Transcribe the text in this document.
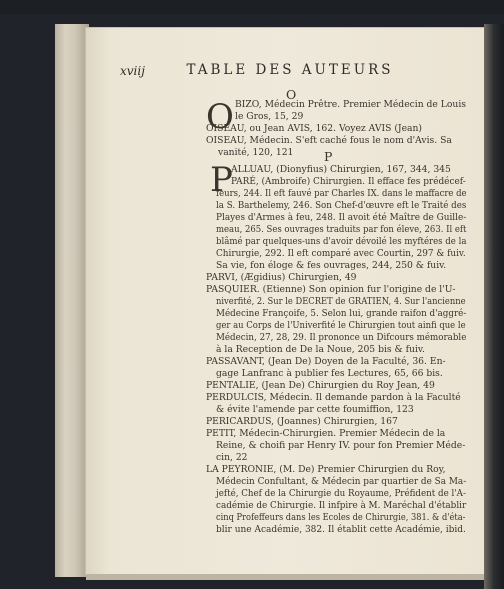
xviij	TABLE DES AUTEURS
O
O BIZO, Médecin Prêtre. Premier Médecin de Louis
le Gros, 15, 29
OISEAU, ou Jean AVIS, 162. Voyez AVIS (Jean)
OISEAU, Médecin. S'eft caché fous le nom d'Avis. Sa
vanité, 120, 121 P
P
ALLUAU, (Dionyfius) Chirurgien, 167, 344, 345
PARÉ, (Ambroife) Chirurgien. Il efface fes prédécef-
feurs, 244. Il eft fauvé par Charles IX. dans le maffacre de
la S. Barthelemy, 246. Son Chef-d'œuvre eft le Traité des
Playes d'Armes à feu, 248. Il avoit été Maître de Guille-
meau, 265. Ses ouvrages traduits par fon éleve, 263. Il eft
blâmé par quelques-uns d'avoir dévoilé les myftéres de la
Chirurgie, 292. Il eft comparé avec Courtin, 297 & fuiv.
Sa vie, fon éloge & fes ouvrages, 244, 250 & fuiv.
PARVI, (Ægidius) Chirurgien, 49
PASQUIER. (Etienne) Son opinion fur l'origine de l'U-
niverfité, 2. Sur le DECRET de GRATIEN, 4. Sur l'ancienne
Médecine Françoife, 5. Selon lui, grande raifon d'aggré-
ger au Corps de l'Univerfité le Chirurgien tout ainfi que le
Médecin, 27, 28, 29. Il prononce un Difcours mémorable
à la Reception de De la Noue, 205 bis & fuiv.
PASSAVANT, (Jean De) Doyen de la Faculté, 36. En-
gage Lanfranc à publier fes Lectures, 65, 66 bis.
PENTALIE, (Jean De) Chirurgien du Roy Jean, 49
PERDULCIS, Médecin. Il demande pardon à la Faculté
& évite l'amende par cette foumiffion, 123
PERICARDUS, (Joannes) Chirurgien, 167
PETIT, Médecin-Chirurgien. Premier Médecin de la
Reine, & choifi par Henry IV. pour fon Premier Méde-
cin, 22
LA PEYRONIE, (M. De) Premier Chirurgien du Roy,
Médecin Confultant, & Médecin par quartier de Sa Ma-
jefté, Chef de la Chirurgie du Royaume, Préfident de l'A-
cadémie de Chirurgie. Il infpire à M. Maréchal d'établir
cinq Profeffeurs dans les Ecoles de Chirurgie, 381. & d'éta-
blir une Académie, 382. Il établit cette Académie, ibid.
